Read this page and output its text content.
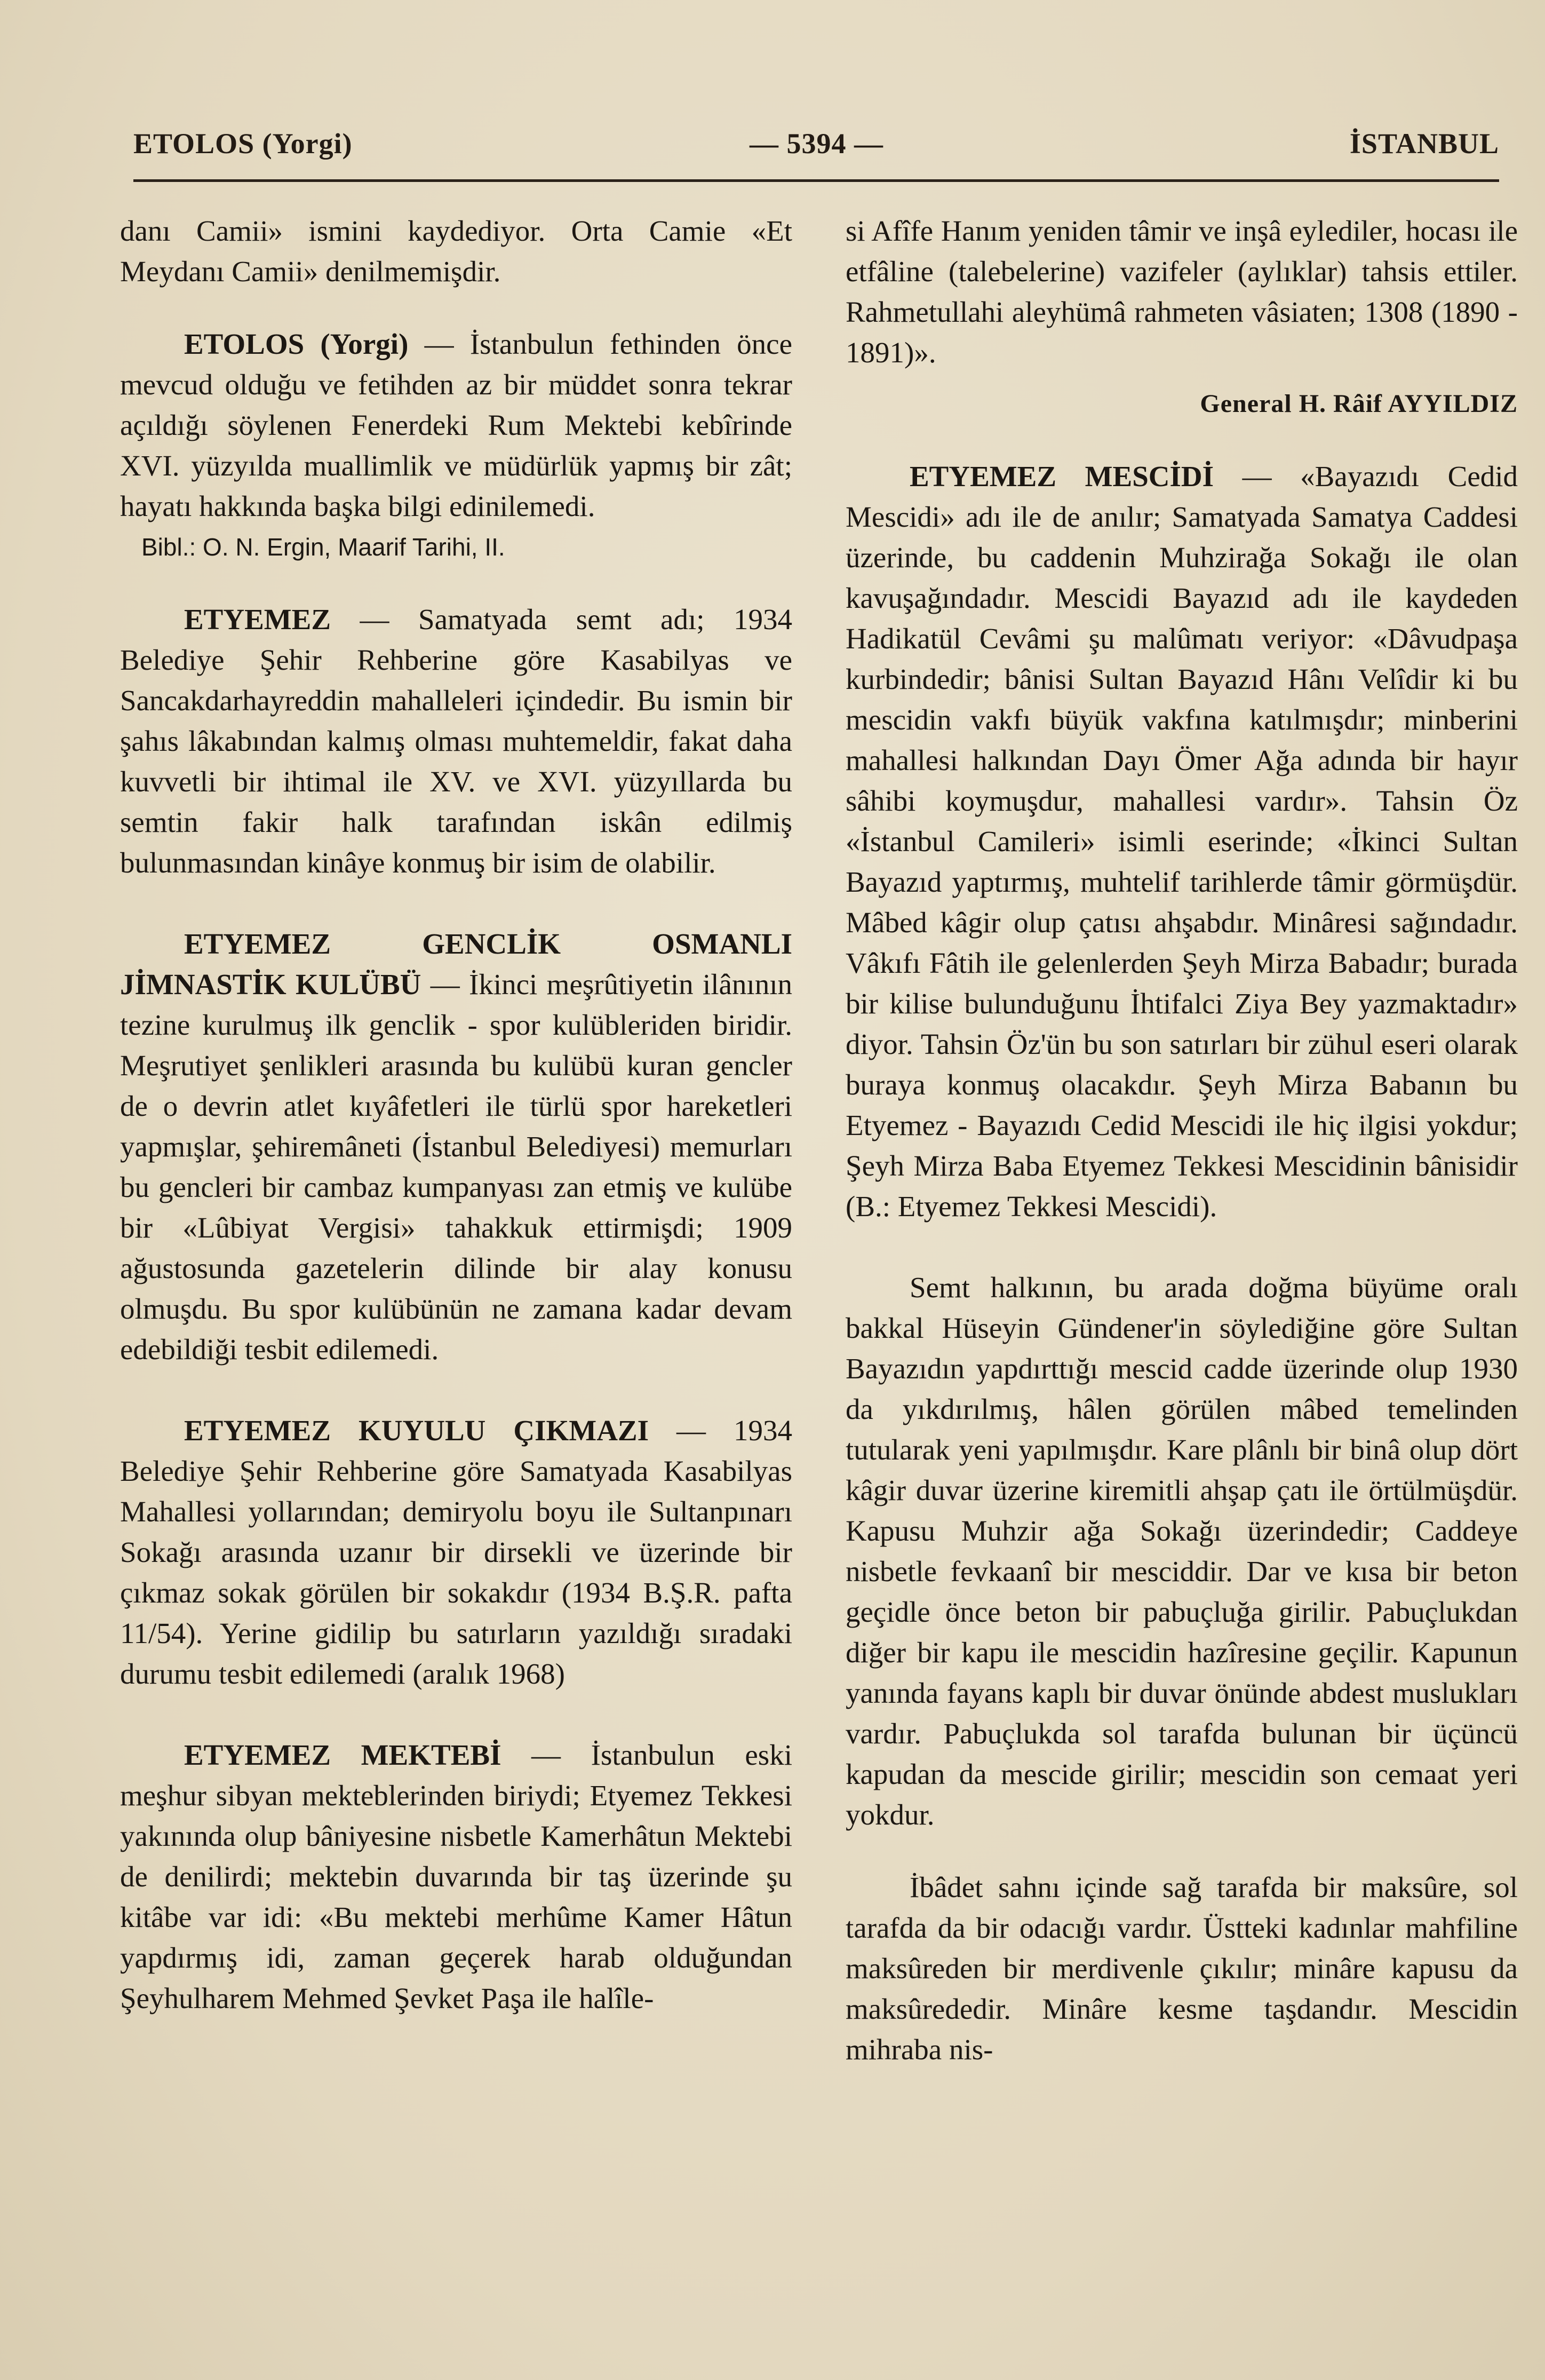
ETOLOS (Yorgi)	— 5394 —	İSTANBUL

danı Camii» ismini kaydediyor. Orta Camie «Et Meydanı Camii» denilmemişdir.

ETOLOS (Yorgi) — İstanbulun fethinden önce mevcud olduğu ve fetihden az bir müddet sonra tekrar açıldığı söylenen Fenerdeki Rum Mektebi kebîrinde XVI. yüzyılda muallimlik ve müdürlük yapmış bir zât; hayatı hakkında başka bilgi edinilemedi.

Bibl.: O. N. Ergin, Maarif Tarihi, II.

ETYEMEZ — Samatyada semt adı; 1934 Belediye Şehir Rehberine göre Kasabilyas ve Sancakdarhayreddin mahalleleri içindedir. Bu ismin bir şahıs lâkabından kalmış olması muhtemeldir, fakat daha kuvvetli bir ihtimal ile XV. ve XVI. yüzyıllarda bu semtin fakir halk tarafından iskân edilmiş bulunmasından kinâye konmuş bir isim de olabilir.

ETYEMEZ GENCLİK OSMANLI JİMNASTİK KULÜBÜ — İkinci meşrûtiyetin ilânının tezine kurulmuş ilk genclik - spor kulübleriden biridir. Meşrutiyet şenlikleri arasında bu kulübü kuran gencler de o devrin atlet kıyâfetleri ile türlü spor hareketleri yapmışlar, şehiremâneti (İstanbul Belediyesi) memurları bu gencleri bir cambaz kumpanyası zan etmiş ve kulübe bir «Lûbiyat Vergisi» tahakkuk ettirmişdi; 1909 ağustosunda gazetelerin dilinde bir alay konusu olmuşdu. Bu spor kulübünün ne zamana kadar devam edebildiği tesbit edilemedi.

ETYEMEZ KUYULU ÇIKMAZI — 1934 Belediye Şehir Rehberine göre Samatyada Kasabilyas Mahallesi yollarından; demiryolu boyu ile Sultanpınarı Sokağı arasında uzanır bir dirsekli ve üzerinde bir çıkmaz sokak görülen bir sokakdır (1934 B.Ş.R. pafta 11/54). Yerine gidilip bu satırların yazıldığı sıradaki durumu tesbit edilemedi (aralık 1968)

ETYEMEZ MEKTEBİ — İstanbulun eski meşhur sibyan mekteblerinden biriydi; Etyemez Tekkesi yakınında olup bâniyesine nisbetle Kamerhâtun Mektebi de denilirdi; mektebin duvarında bir taş üzerinde şu kitâbe var idi: «Bu mektebi merhûme Kamer Hâtun yapdırmış idi, zaman geçerek harab olduğundan Şeyhulharem Mehmed Şevket Paşa ile halîle-

si Afîfe Hanım yeniden tâmir ve inşâ eylediler, hocası ile etfâline (talebelerine) vazifeler (aylıklar) tahsis ettiler. Rahmetullahi aleyhümâ rahmeten vâsiaten; 1308 (1890 - 1891)».

General H. Râif AYYILDIZ

ETYEMEZ MESCİDİ — «Bayazıdı Cedid Mescidi» adı ile de anılır; Samatyada Samatya Caddesi üzerinde, bu caddenin Muhzirağa Sokağı ile olan kavuşağındadır. Mescidi Bayazıd adı ile kaydeden Hadikatül Cevâmi şu malûmatı veriyor: «Dâvudpaşa kurbindedir; bânisi Sultan Bayazıd Hânı Velîdir ki bu mescidin vakfı büyük vakfına katılmışdır; minberini mahallesi halkından Dayı Ömer Ağa adında bir hayır sâhibi koymuşdur, mahallesi vardır». Tahsin Öz «İstanbul Camileri» isimli eserinde; «İkinci Sultan Bayazıd yaptırmış, muhtelif tarihlerde tâmir görmüşdür. Mâbed kâgir olup çatısı ahşabdır. Minâresi sağındadır. Vâkıfı Fâtih ile gelenlerden Şeyh Mirza Babadır; burada bir kilise bulunduğunu İhtifalci Ziya Bey yazmaktadır» diyor. Tahsin Öz'ün bu son satırları bir zühul eseri olarak buraya konmuş olacakdır. Şeyh Mirza Babanın bu Etyemez - Bayazıdı Cedid Mescidi ile hiç ilgisi yokdur; Şeyh Mirza Baba Etyemez Tekkesi Mescidinin bânisidir (B.: Etyemez Tekkesi Mescidi).

Semt halkının, bu arada doğma büyüme oralı bakkal Hüseyin Gündener'in söylediğine göre Sultan Bayazıdın yapdırttığı mescid cadde üzerinde olup 1930 da yıkdırılmış, hâlen görülen mâbed temelinden tutularak yeni yapılmışdır. Kare plânlı bir binâ olup dört kâgir duvar üzerine kiremitli ahşap çatı ile örtülmüşdür. Kapusu Muhzir ağa Sokağı üzerindedir; Caddeye nisbetle fevkaanî bir mesciddir. Dar ve kısa bir beton geçidle önce beton bir pabuçluğa girilir. Pabuçlukdan diğer bir kapu ile mescidin hazîresine geçilir. Kapunun yanında fayans kaplı bir duvar önünde abdest muslukları vardır. Pabuçlukda sol tarafda bulunan bir üçüncü kapudan da mescide girilir; mescidin son cemaat yeri yokdur.

İbâdet sahnı içinde sağ tarafda bir maksûre, sol tarafda da bir odacığı vardır. Üstteki kadınlar mahfiline maksûreden bir merdivenle çıkılır; minâre kapusu da maksûrededir. Minâre kesme taşdandır. Mescidin mihraba nis-
